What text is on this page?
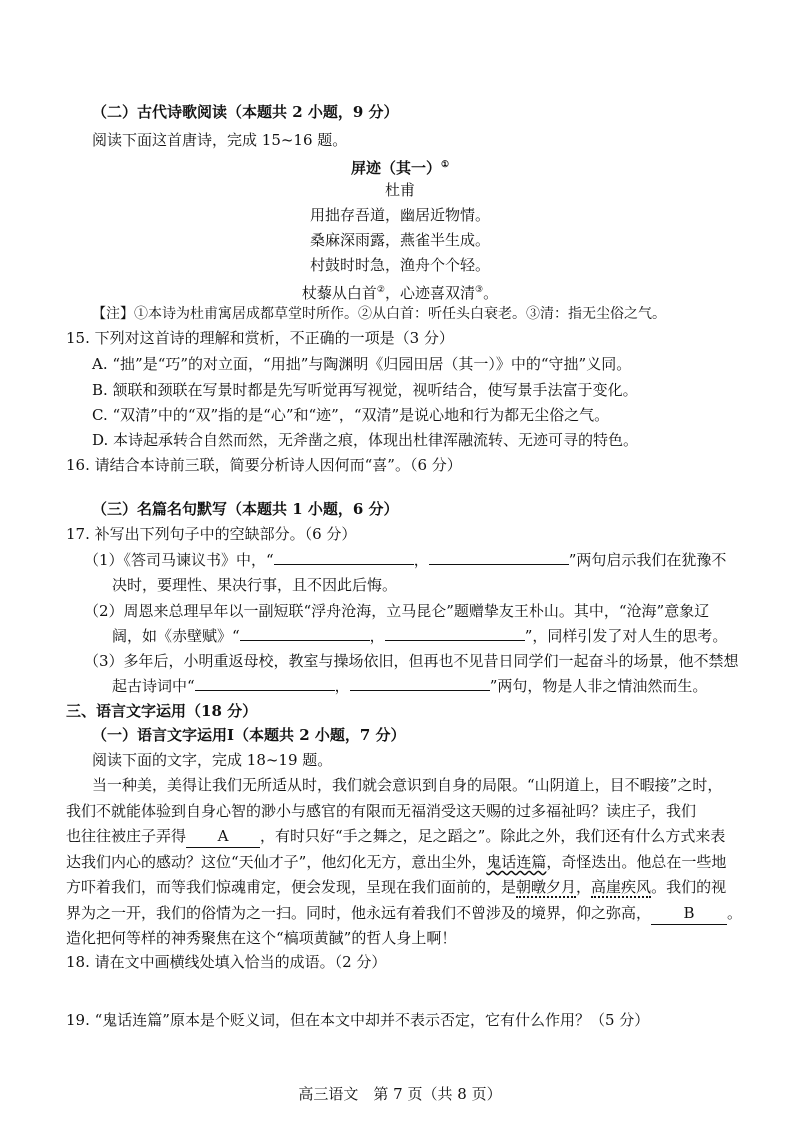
（二）古代诗歌阅读（本题共 2 小题，9 分）
阅读下面这首唐诗，完成 15~16 题。
屏迹（其一）①
杜甫
用拙存吾道，幽居近物情。
桑麻深雨露，燕雀半生成。
村鼓时时急，渔舟个个轻。
杖藜从白首②，心迹喜双清③。
【注】①本诗为杜甫寓居成都草堂时所作。②从白首：听任头白衰老。③清：指无尘俗之气。
15. 下列对这首诗的理解和赏析，不正确的一项是（3 分）
A. “拙”是“巧”的对立面，“用拙”与陶渊明《归园田居（其一）》中的“守拙”义同。
B. 颔联和颈联在写景时都是先写听觉再写视觉，视听结合，使写景手法富于变化。
C. “双清”中的“双”指的是“心”和“迹”，“双清”是说心地和行为都无尘俗之气。
D. 本诗起承转合自然而然，无斧凿之痕，体现出杜律浑融流转、无迹可寻的特色。
16. 请结合本诗前三联，简要分析诗人因何而“喜”。（6 分）
（三）名篇名句默写（本题共 1 小题，6 分）
17. 补写出下列句子中的空缺部分。（6 分）
（1）《答司马谏议书》中，“	，	”两句启示我们在犹豫不
决时，要理性、果决行事，且不因此后悔。
（2）周恩来总理早年以一副短联“浮舟沧海，立马昆仑”题赠挚友王朴山。其中，“沧海”意象辽
阔，如《赤壁赋》“	，	”，同样引发了对人生的思考。
（3）多年后，小明重返母校，教室与操场依旧，但再也不见昔日同学们一起奋斗的场景，他不禁想
起古诗词中“	，	”两句，物是人非之情油然而生。
三、语言文字运用（18 分）
（一）语言文字运用Ⅰ（本题共 2 小题，7 分）
阅读下面的文字，完成 18~19 题。
当一种美，美得让我们无所适从时，我们就会意识到自身的局限。“山阴道上，目不暇接”之时，
我们不就能体验到自身心智的渺小与感官的有限而无福消受这天赐的过多福祉吗？读庄子，我们
也往往被庄子弄得 A ，有时只好“手之舞之，足之蹈之”。除此之外，我们还有什么方式来表
达我们内心的感动？这位“天仙才子”，他幻化无方，意出尘外，鬼话连篇，奇怪迭出。他总在一些地
方吓着我们，而等我们惊魂甫定，便会发现，呈现在我们面前的，是朝暾夕月，高崖疾风。我们的视
界为之一开，我们的俗情为之一扫。同时，他永远有着我们不曾涉及的境界，仰之弥高， B 。
造化把何等样的神秀聚焦在这个“槁项黄馘”的哲人身上啊！
18. 请在文中画横线处填入恰当的成语。（2 分）
19. “鬼话连篇”原本是个贬义词，但在本文中却并不表示否定，它有什么作用？（5 分）
高三语文　第 7 页（共 8 页）
